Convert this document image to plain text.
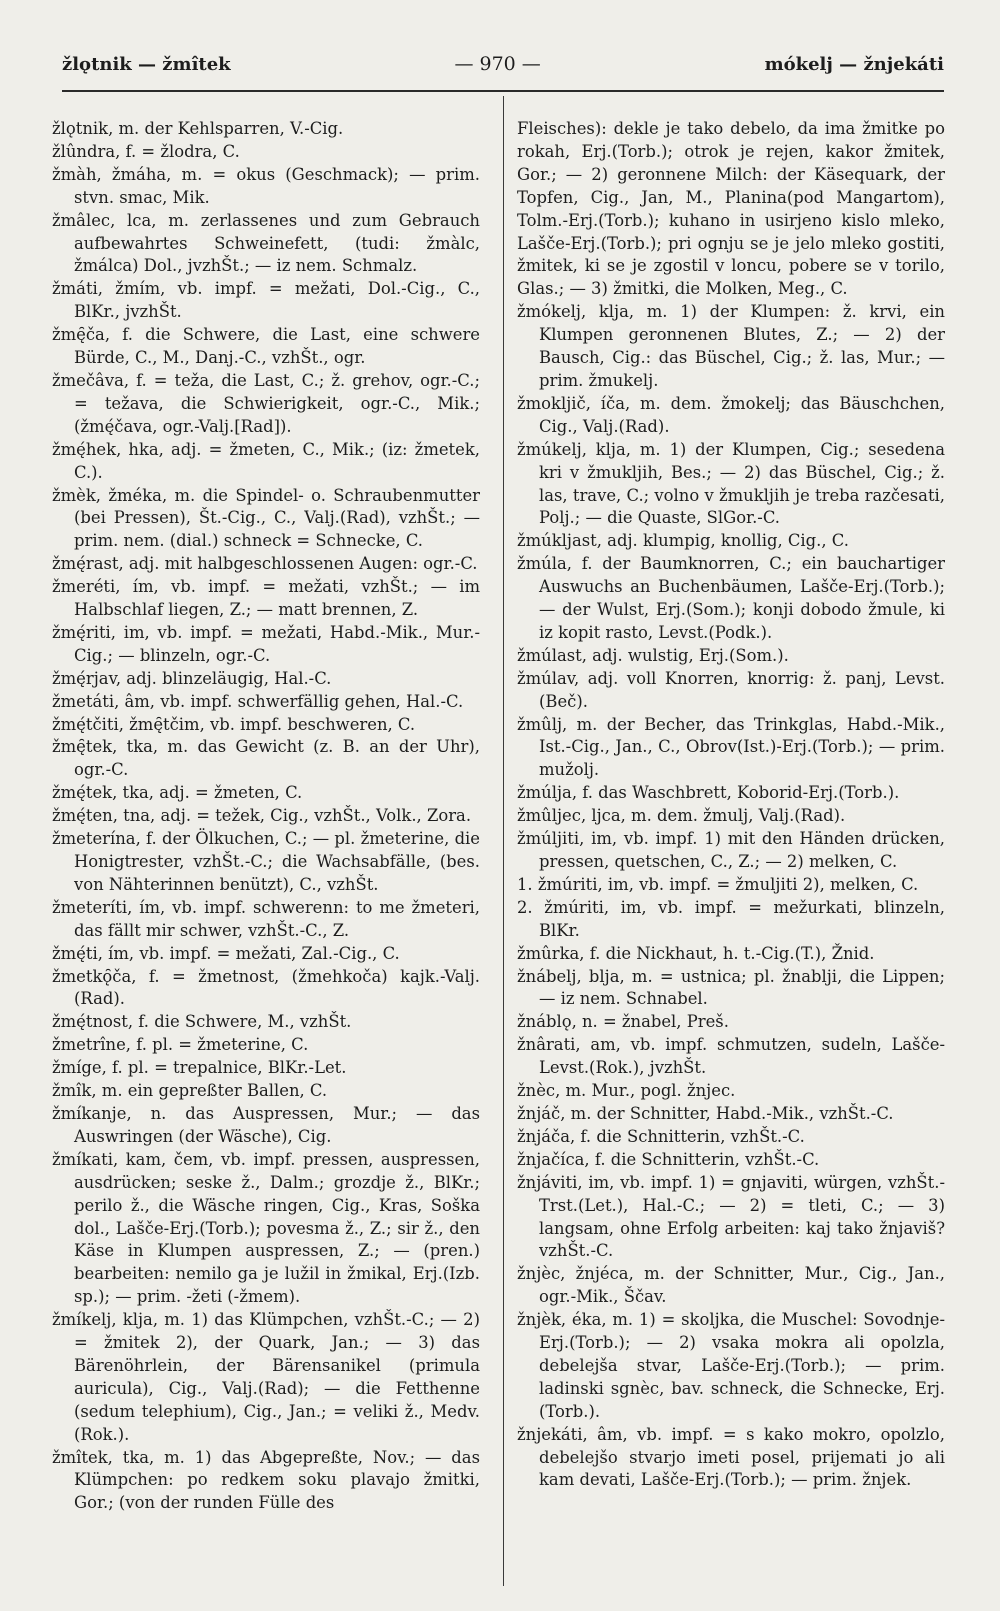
žlǫtnik — žmîtek	— 970 —	mókelj — žnjekáti

žlǫtnik, m. der Kehlsparren, V.-Cig.

žlûndra, f. = žlodra, C.

žmàh, žmáha, m. = okus (Geschmack); — prim. stvn. smac, Mik.

žmâlec, lca, m. zerlassenes und zum Gebrauch aufbewahrtes Schweinefett, (tudi: žmàlc, žmálca) Dol., jvzhŠt.; — iz nem. Schmalz.

žmáti, žmím, vb. impf. = mežati, Dol.-Cig., C., BlKr., jvzhŠt.

žmę̑ča, f. die Schwere, die Last, eine schwere Bürde, C., M., Danj.-C., vzhŠt., ogr.

žmečâva, f. = teža, die Last, C.; ž. grehov, ogr.-C.; = težava, die Schwierigkeit, ogr.-C., Mik.; (žmę́čava, ogr.-Valj.[Rad]).

žmę́hek, hka, adj. = žmeten, C., Mik.; (iz: žmetek, C.).

žmèk, žméka, m. die Spindel- o. Schraubenmutter (bei Pressen), Št.-Cig., C., Valj.(Rad), vzhŠt.; — prim. nem. (dial.) schneck = Schnecke, C.

žmę́rast, adj. mit halbgeschlossenen Augen: ogr.-C.

žmeréti, ím, vb. impf. = mežati, vzhŠt.; — im Halbschlaf liegen, Z.; — matt brennen, Z.

žmę́riti, im, vb. impf. = mežati, Habd.-Mik., Mur.-Cig.; — blinzeln, ogr.-C.

žmę́rjav, adj. blinzeläugig, Hal.-C.

žmetáti, âm, vb. impf. schwerfällig gehen, Hal.-C.

žmę́tčiti, žmę̑tčim, vb. impf. beschweren, C.

žmę̑tek, tka, m. das Gewicht (z. B. an der Uhr), ogr.-C.

žmę́tek, tka, adj. = žmeten, C.

žmę́ten, tna, adj. = težek, Cig., vzhŠt., Volk., Zora.

žmeterína, f. der Ölkuchen, C.; — pl. žmeterine, die Honigtrester, vzhŠt.-C.; die Wachsabfälle, (bes. von Nähterinnen benützt), C., vzhŠt.

žmeteríti, ím, vb. impf. schwerenn: to me žmeteri, das fällt mir schwer, vzhŠt.-C., Z.

žmę́ti, ím, vb. impf. = mežati, Zal.-Cig., C.

žmetkǫ̑ča, f. = žmetnost, (žmehkoča) kajk.-Valj.(Rad).

žmę́tnost, f. die Schwere, M., vzhŠt.

žmetrîne, f. pl. = žmeterine, C.

žmíge, f. pl. = trepalnice, BlKr.-Let.

žmîk, m. ein gepreßter Ballen, C.

žmíkanje, n. das Auspressen, Mur.; — das Auswringen (der Wäsche), Cig.

žmíkati, kam, čem, vb. impf. pressen, auspressen, ausdrücken; seske ž., Dalm.; grozdje ž., BlKr.; perilo ž., die Wäsche ringen, Cig., Kras, Soška dol., Lašče-Erj.(Torb.); povesma ž., Z.; sir ž., den Käse in Klumpen auspressen, Z.; — (pren.) bearbeiten: nemilo ga je lužil in žmikal, Erj.(Izb. sp.); — prim. -žeti (-žmem).

žmíkelj, klja, m. 1) das Klümpchen, vzhŠt.-C.; — 2) = žmitek 2), der Quark, Jan.; — 3) das Bärenöhrlein, der Bärensanikel (primula auricula), Cig., Valj.(Rad); — die Fetthenne (sedum telephium), Cig., Jan.; = veliki ž., Medv.(Rok.).

žmîtek, tka, m. 1) das Abgepreßte, Nov.; — das Klümpchen: po redkem soku plavajo žmitki, Gor.; (von der runden Fülle des

Fleisches): dekle je tako debelo, da ima žmitke po rokah, Erj.(Torb.); otrok je rejen, kakor žmitek, Gor.; — 2) geronnene Milch: der Käsequark, der Topfen, Cig., Jan, M., Planina(pod Mangartom), Tolm.-Erj.(Torb.); kuhano in usirjeno kislo mleko, Lašče-Erj.(Torb.); pri ognju se je jelo mleko gostiti, žmitek, ki se je zgostil v loncu, pobere se v torilo, Glas.; — 3) žmitki, die Molken, Meg., C.

žmókelj, klja, m. 1) der Klumpen: ž. krvi, ein Klumpen geronnenen Blutes, Z.; — 2) der Bausch, Cig.: das Büschel, Cig.; ž. las, Mur.; — prim. žmukelj.

žmokljič, íča, m. dem. žmokelj; das Bäuschchen, Cig., Valj.(Rad).

žmúkelj, klja, m. 1) der Klumpen, Cig.; sesedena kri v žmukljih, Bes.; — 2) das Büschel, Cig.; ž. las, trave, C.; volno v žmukljih je treba razčesati, Polj.; — die Quaste, SlGor.-C.

žmúkljast, adj. klumpig, knollig, Cig., C.

žmúla, f. der Baumknorren, C.; ein bauchartiger Auswuchs an Buchenbäumen, Lašče-Erj.(Torb.); — der Wulst, Erj.(Som.); konji dobodo žmule, ki iz kopit rasto, Levst.(Podk.).

žmúlast, adj. wulstig, Erj.(Som.).

žmúlav, adj. voll Knorren, knorrig: ž. panj, Levst.(Beč).

žmûlj, m. der Becher, das Trinkglas, Habd.-Mik., Ist.-Cig., Jan., C., Obrov(Ist.)-Erj.(Torb.); — prim. mužolj.

žmúlja, f. das Waschbrett, Koborid-Erj.(Torb.).

žmûljec, ljca, m. dem. žmulj, Valj.(Rad).

žmúljiti, im, vb. impf. 1) mit den Händen drücken, pressen, quetschen, C., Z.; — 2) melken, C.

1. žmúriti, im, vb. impf. = žmuljiti 2), melken, C.

2. žmúriti, im, vb. impf. = mežurkati, blinzeln, BlKr.

žmûrka, f. die Nickhaut, h. t.-Cig.(T.), Žnid.

žnábelj, blja, m. = ustnica; pl. žnablji, die Lippen; — iz nem. Schnabel.

žnáblǫ, n. = žnabel, Preš.

žnârati, am, vb. impf. schmutzen, sudeln, Lašče-Levst.(Rok.), jvzhŠt.

žnèc, m. Mur., pogl. žnjec.

žnjáč, m. der Schnitter, Habd.-Mik., vzhŠt.-C.

žnjáča, f. die Schnitterin, vzhŠt.-C.

žnjačíca, f. die Schnitterin, vzhŠt.-C.

žnjáviti, im, vb. impf. 1) = gnjaviti, würgen, vzhŠt.-Trst.(Let.), Hal.-C.; — 2) = tleti, C.; — 3) langsam, ohne Erfolg arbeiten: kaj tako žnjaviš? vzhŠt.-C.

žnjèc, žnjéca, m. der Schnitter, Mur., Cig., Jan., ogr.-Mik., Ščav.

žnjèk, éka, m. 1) = skoljka, die Muschel: Sovodnje-Erj.(Torb.); — 2) vsaka mokra ali opolzla, debelejša stvar, Lašče-Erj.(Torb.); — prim. ladinski sgnèc, bav. schneck, die Schnecke, Erj.(Torb.).

žnjekáti, âm, vb. impf. = s kako mokro, opolzlo, debelejšo stvarjo imeti posel, prijemati jo ali kam devati, Lašče-Erj.(Torb.); — prim. žnjek.
